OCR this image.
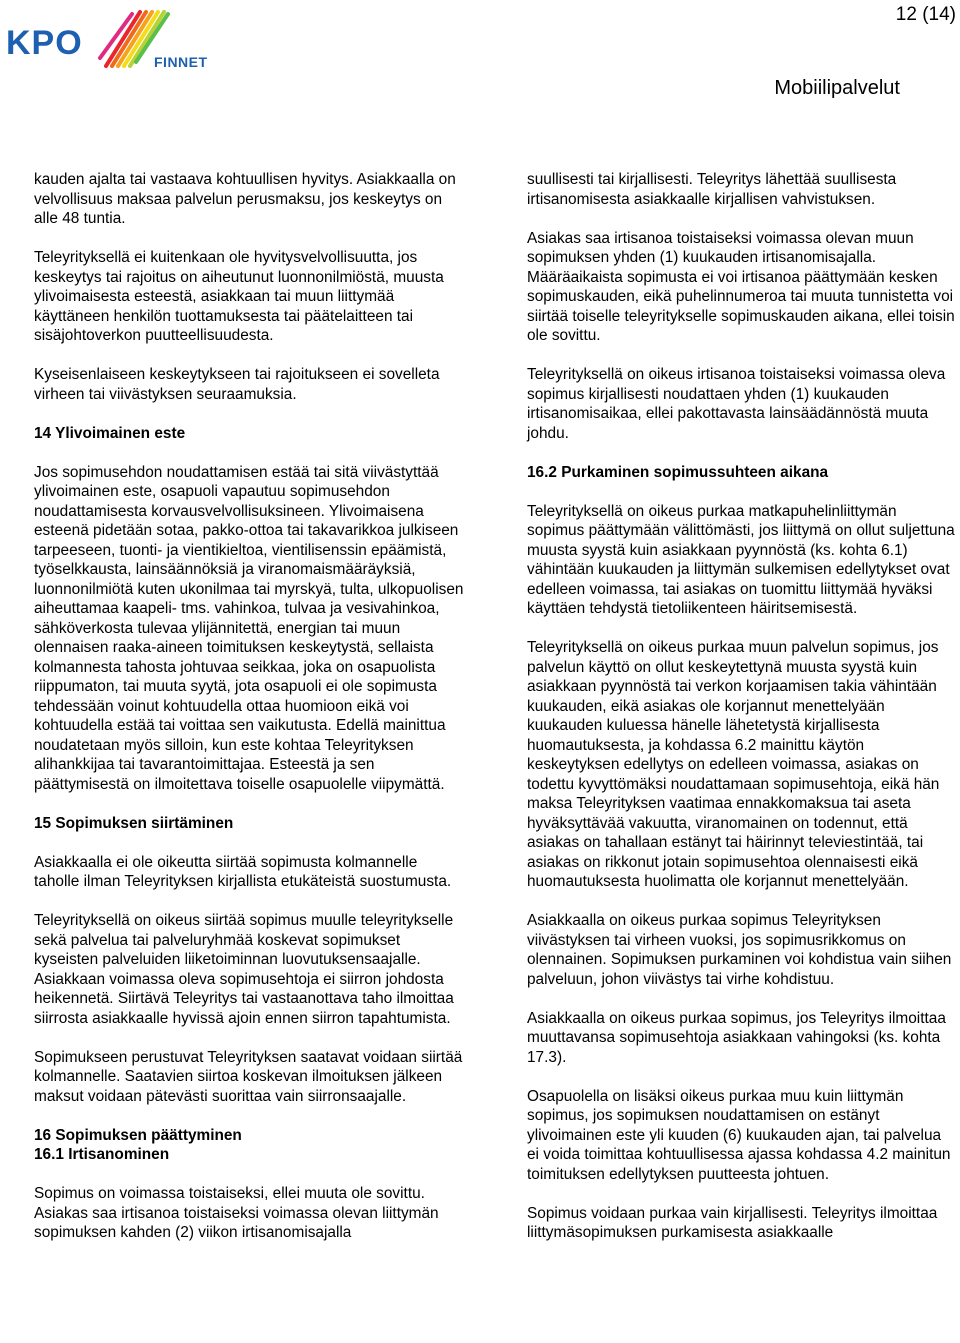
KPO	FINNET
12 (14)
Mobiilipalvelut

kauden ajalta tai vastaava kohtuullisen hyvitys. Asiakkaalla on velvollisuus maksaa palvelun perusmaksu, jos keskeytys on alle 48 tuntia.

Teleyrityksellä ei kuitenkaan ole hyvitysvelvollisuutta, jos keskeytys tai rajoitus on aiheutunut luonnonilmiöstä, muusta ylivoimaisesta esteestä, asiakkaan tai muun liittymää käyttäneen henkilön tuottamuksesta tai päätelaitteen tai sisäjohtoverkon puutteellisuudesta.

Kyseisenlaiseen keskeytykseen tai rajoitukseen ei sovelleta virheen tai viivästyksen seuraamuksia.

14 Ylivoimainen este

Jos sopimusehdon noudattamisen estää tai sitä viivästyttää ylivoimainen este, osapuoli vapautuu sopimusehdon noudattamisesta korvausvelvollisuksineen. Ylivoimaisena esteenä pidetään sotaa, pakko-ottoa tai takavarikkoa julkiseen tarpeeseen, tuonti- ja vientikieltoa, vientilisenssin epäämistä, työselkkausta, lainsäännöksiä ja viranomaismääräyksiä, luonnonilmiötä kuten ukonilmaa tai myrskyä, tulta, ulkopuolisen aiheuttamaa kaapeli- tms. vahinkoa, tulvaa ja vesivahinkoa, sähköverkosta tulevaa ylijännitettä, energian tai muun olennaisen raaka-aineen toimituksen keskeytystä, sellaista kolmannesta tahosta johtuvaa seikkaa, joka on osapuolista riippumaton, tai muuta syytä, jota osapuoli ei ole sopimusta tehdessään voinut kohtuudella ottaa huomioon eikä voi kohtuudella estää tai voittaa sen vaikutusta. Edellä mainittua noudatetaan myös silloin, kun este kohtaa Teleyrityksen alihankkijaa tai tavarantoimittajaa. Esteestä ja sen päättymisestä on ilmoitettava toiselle osapuolelle viipymättä.

15 Sopimuksen siirtäminen

Asiakkaalla ei ole oikeutta siirtää sopimusta kolmannelle taholle ilman Teleyrityksen kirjallista etukäteistä suostumusta.

Teleyrityksellä on oikeus siirtää sopimus muulle teleyritykselle sekä palvelua tai palveluryhmää koskevat sopimukset kyseisten palveluiden liiketoiminnan luovutuksensaajalle. Asiakkaan voimassa oleva sopimusehtoja ei siirron johdosta heikennetä. Siirtävä Teleyritys tai vastaanottava taho ilmoittaa siirrosta asiakkaalle hyvissä ajoin ennen siirron tapahtumista.

Sopimukseen perustuvat Teleyrityksen saatavat voidaan siirtää kolmannelle. Saatavien siirtoa koskevan ilmoituksen jälkeen maksut voidaan pätevästi suorittaa vain siirronsaajalle.

16 Sopimuksen päättyminen
16.1 Irtisanominen

Sopimus on voimassa toistaiseksi, ellei muuta ole sovittu. Asiakas saa irtisanoa toistaiseksi voimassa olevan liittymän sopimuksen kahden (2) viikon irtisanomisajalla

suullisesti tai kirjallisesti. Teleyritys lähettää suullisesta irtisanomisesta asiakkaalle kirjallisen vahvistuksen.

Asiakas saa irtisanoa toistaiseksi voimassa olevan muun sopimuksen yhden (1) kuukauden irtisanomisajalla. Määräaikaista sopimusta ei voi irtisanoa päättymään kesken sopimuskauden, eikä puhelinnumeroa tai muuta tunnistetta voi siirtää toiselle teleyritykselle sopimuskauden aikana, ellei toisin ole sovittu.

Teleyrityksellä on oikeus irtisanoa toistaiseksi voimassa oleva sopimus kirjallisesti noudattaen yhden (1) kuukauden irtisanomisaikaa, ellei pakottavasta lainsäädännöstä muuta johdu.

16.2 Purkaminen sopimussuhteen aikana

Teleyrityksellä on oikeus purkaa matkapuhelinliittymän sopimus päättymään välittömästi, jos liittymä on ollut suljettuna muusta syystä kuin asiakkaan pyynnöstä (ks. kohta 6.1) vähintään kuukauden ja liittymän sulkemisen edellytykset ovat edelleen voimassa, tai asiakas on tuomittu liittymää hyväksi käyttäen tehdystä tietoliikenteen häiritsemisestä.

Teleyrityksellä on oikeus purkaa muun palvelun sopimus, jos palvelun käyttö on ollut keskeytettynä muusta syystä kuin asiakkaan pyynnöstä tai verkon korjaamisen takia vähintään kuukauden, eikä asiakas ole korjannut menettelyään kuukauden kuluessa hänelle lähetetystä kirjallisesta huomautuksesta, ja kohdassa 6.2 mainittu käytön keskeytyksen edellytys on edelleen voimassa, asiakas on todettu kyvyttömäksi noudattamaan sopimusehtoja, eikä hän maksa Teleyrityksen vaatimaa ennakkomaksua tai aseta hyväksyttävää vakuutta, viranomainen on todennut, että asiakas on tahallaan estänyt tai häirinnyt televiestintää, tai asiakas on rikkonut jotain sopimusehtoa olennaisesti eikä huomautuksesta huolimatta ole korjannut menettelyään.

Asiakkaalla on oikeus purkaa sopimus Teleyrityksen viivästyksen tai virheen vuoksi, jos sopimusrikkomus on olennainen. Sopimuksen purkaminen voi kohdistua vain siihen palveluun, johon viivästys tai virhe kohdistuu.

Asiakkaalla on oikeus purkaa sopimus, jos Teleyritys ilmoittaa muuttavansa sopimusehtoja asiakkaan vahingoksi (ks. kohta 17.3).

Osapuolella on lisäksi oikeus purkaa muu kuin liittymän sopimus, jos sopimuksen noudattamisen on estänyt ylivoimainen este yli kuuden (6) kuukauden ajan, tai palvelua ei voida toimittaa kohtuullisessa ajassa kohdassa 4.2 mainitun toimituksen edellytyksen puutteesta johtuen.

Sopimus voidaan purkaa vain kirjallisesti. Teleyritys ilmoittaa liittymäsopimuksen purkamisesta asiakkaalle
